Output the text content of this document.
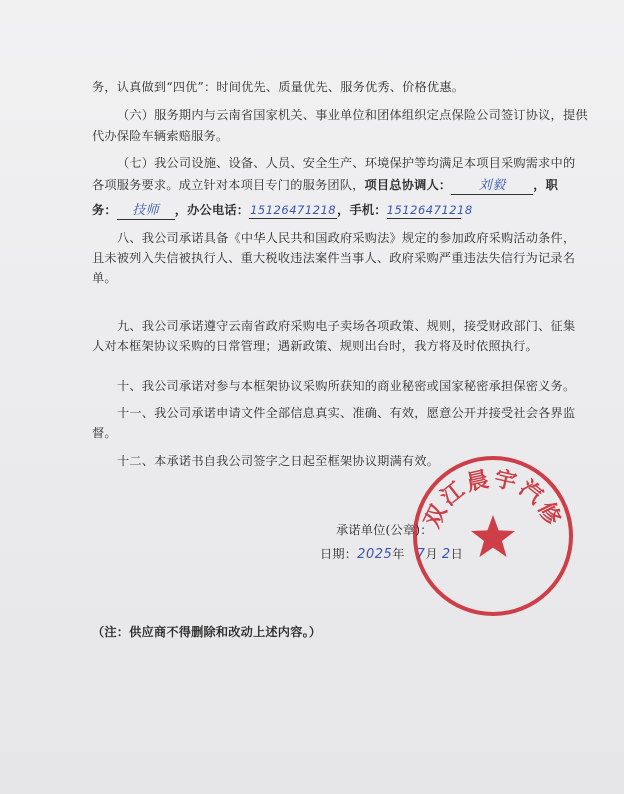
务，认真做到“四优”：时间优先、质量优先、服务优秀、价格优惠。
（六）服务期内与云南省国家机关、事业单位和团体组织定点保险公司签订协议，提供
代办保险车辆索赔服务。
（七）我公司设施、设备、人员、安全生产、环境保护等均满足本项目采购需求中的
各项服务要求。成立针对本项目专门的服务团队，项目总协调人： 刘毅 ，职
务： 技师 ，办公电话：15126471218，手机：15126471218
八、我公司承诺具备《中华人民共和国政府采购法》规定的参加政府采购活动条件，
且未被列入失信被执行人、重大税收违法案件当事人、政府采购严重违法失信行为记录名
单。
九、我公司承诺遵守云南省政府采购电子卖场各项政策、规则，接受财政部门、征集
人对本框架协议采购的日常管理；遇新政策、规则出台时，我方将及时依照执行。
十、我公司承诺对参与本框架协议采购所获知的商业秘密或国家秘密承担保密义务。
十一、我公司承诺申请文件全部信息真实、准确、有效，愿意公开并接受社会各界监
督。
十二、本承诺书自我公司签字之日起至框架协议期满有效。
双江晨宇汽修
承诺单位(公章)：
日期：2025年 7月 2日
（注：供应商不得删除和改动上述内容。）
